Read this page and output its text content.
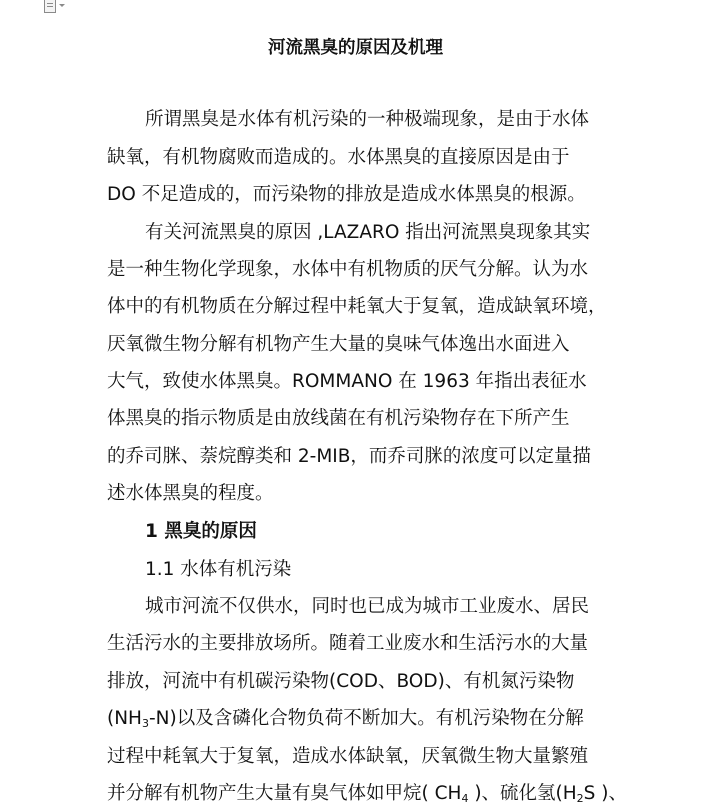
河流黑臭的原因及机理

所谓黑臭是水体有机污染的一种极端现象，是由于水体

缺氧，有机物腐败而造成的。水体黑臭的直接原因是由于

DO 不足造成的，而污染物的排放是造成水体黑臭的根源。

有关河流黑臭的原因 ,LAZARO 指出河流黑臭现象其实

是一种生物化学现象，水体中有机物质的厌气分解。认为水

体中的有机物质在分解过程中耗氧大于复氧，造成缺氧环境，

厌氧微生物分解有机物产生大量的臭味气体逸出水面进入

大气，致使水体黑臭。ROMMANO 在 1963 年指出表征水

体黑臭的指示物质是由放线菌在有机污染物存在下所产生

的乔司脒、萘烷醇类和 2-MIB，而乔司脒的浓度可以定量描

述水体黑臭的程度。

1 黑臭的原因

1.1 水体有机污染

城市河流不仅供水，同时也已成为城市工业废水、居民

生活污水的主要排放场所。随着工业废水和生活污水的大量

排放，河流中有机碳污染物(COD、BOD)、有机氮污染物

$(NH_3-N)$以及含磷化合物负荷不断加大。有机污染物在分解

过程中耗氧大于复氧，造成水体缺氧，厌氧微生物大量繁殖

并分解有机物产生大量有臭气体如甲烷( $CH_4$ )、硫化氢($H_2S$ )、
